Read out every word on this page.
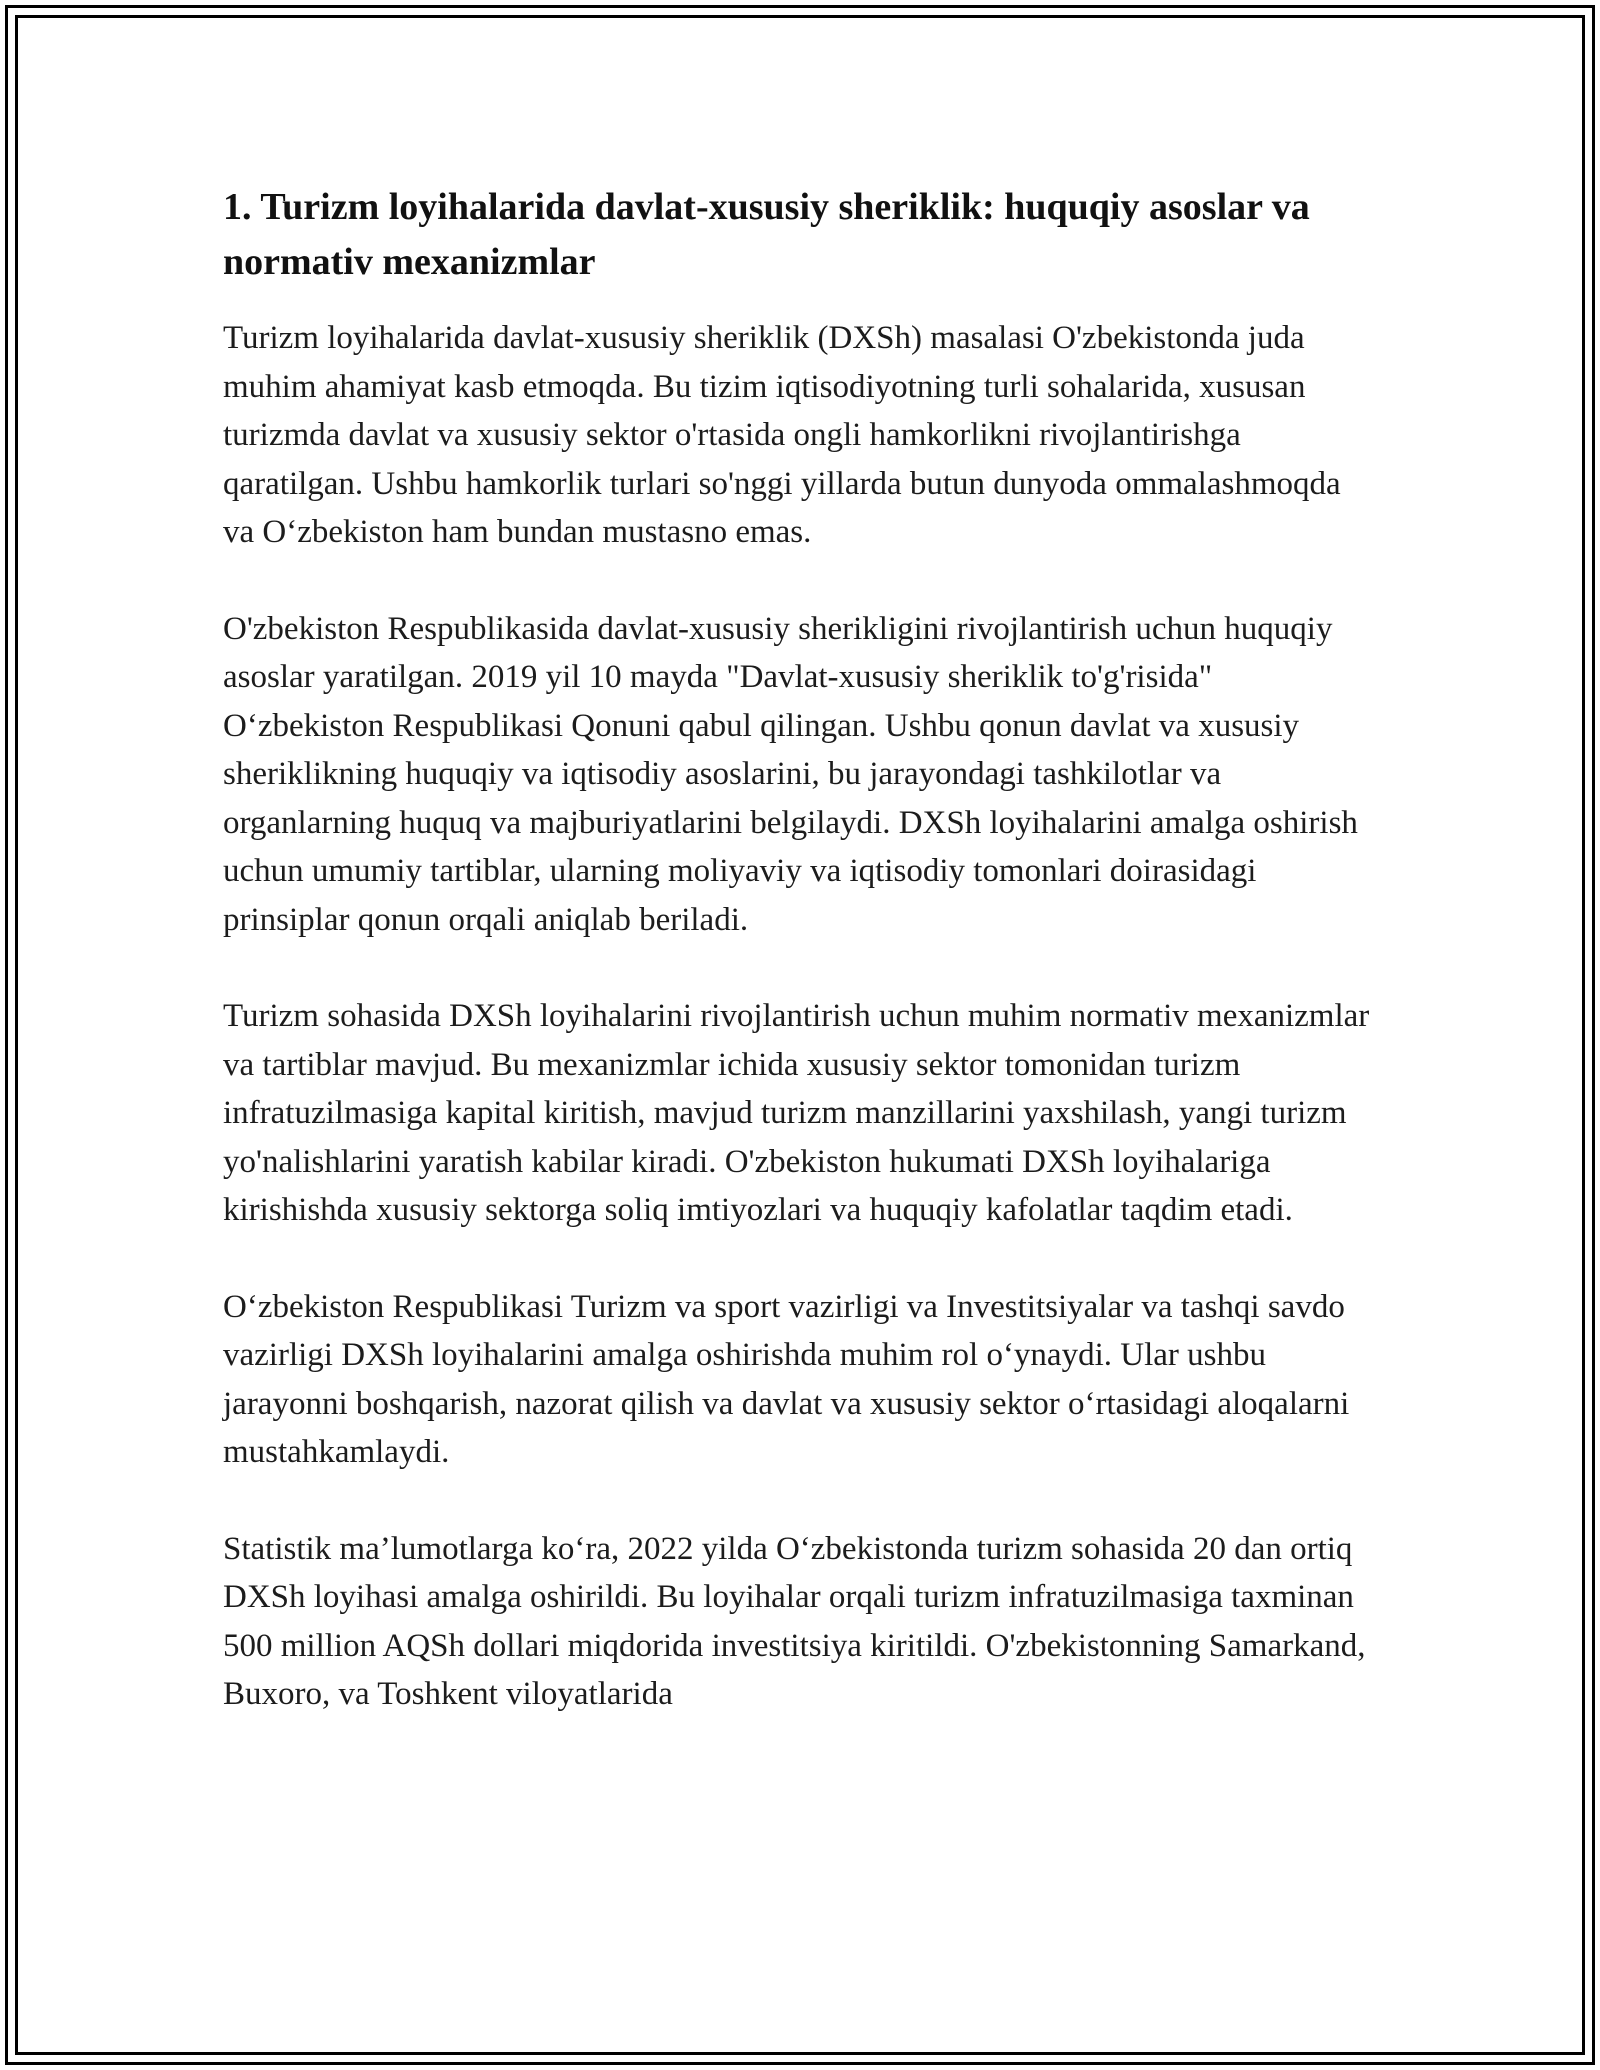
1. Turizm loyihalarida davlat-xususiy sheriklik: huquqiy asoslar va normativ mexanizmlar

Turizm loyihalarida davlat-xususiy sheriklik (DXSh) masalasi O'zbekistonda juda muhim ahamiyat kasb etmoqda. Bu tizim iqtisodiyotning turli sohalarida, xususan turizmda davlat va xususiy sektor o'rtasida ongli hamkorlikni rivojlantirishga qaratilgan. Ushbu hamkorlik turlari so'nggi yillarda butun dunyoda ommalashmoqda va O‘zbekiston ham bundan mustasno emas.

O'zbekiston Respublikasida davlat-xususiy sherikligini rivojlantirish uchun huquqiy asoslar yaratilgan. 2019 yil 10 mayda "Davlat-xususiy sheriklik to'g'risida" O‘zbekiston Respublikasi Qonuni qabul qilingan. Ushbu qonun davlat va xususiy sheriklikning huquqiy va iqtisodiy asoslarini, bu jarayondagi tashkilotlar va organlarning huquq va majburiyatlarini belgilaydi. DXSh loyihalarini amalga oshirish uchun umumiy tartiblar, ularning moliyaviy va iqtisodiy tomonlari doirasidagi prinsiplar qonun orqali aniqlab beriladi.

Turizm sohasida DXSh loyihalarini rivojlantirish uchun muhim normativ mexanizmlar va tartiblar mavjud. Bu mexanizmlar ichida xususiy sektor tomonidan turizm infratuzilmasiga kapital kiritish, mavjud turizm manzillarini yaxshilash, yangi turizm yo'nalishlarini yaratish kabilar kiradi. O'zbekiston hukumati DXSh loyihalariga kirishishda xususiy sektorga soliq imtiyozlari va huquqiy kafolatlar taqdim etadi.

O‘zbekiston Respublikasi Turizm va sport vazirligi va Investitsiyalar va tashqi savdo vazirligi DXSh loyihalarini amalga oshirishda muhim rol o‘ynaydi. Ular ushbu jarayonni boshqarish, nazorat qilish va davlat va xususiy sektor o‘rtasidagi aloqalarni mustahkamlaydi.

Statistik ma’lumotlarga ko‘ra, 2022 yilda O‘zbekistonda turizm sohasida 20 dan ortiq DXSh loyihasi amalga oshirildi. Bu loyihalar orqali turizm infratuzilmasiga taxminan 500 million AQSh dollari miqdorida investitsiya kiritildi. O'zbekistonning Samarkand, Buxoro, va Toshkent viloyatlarida
